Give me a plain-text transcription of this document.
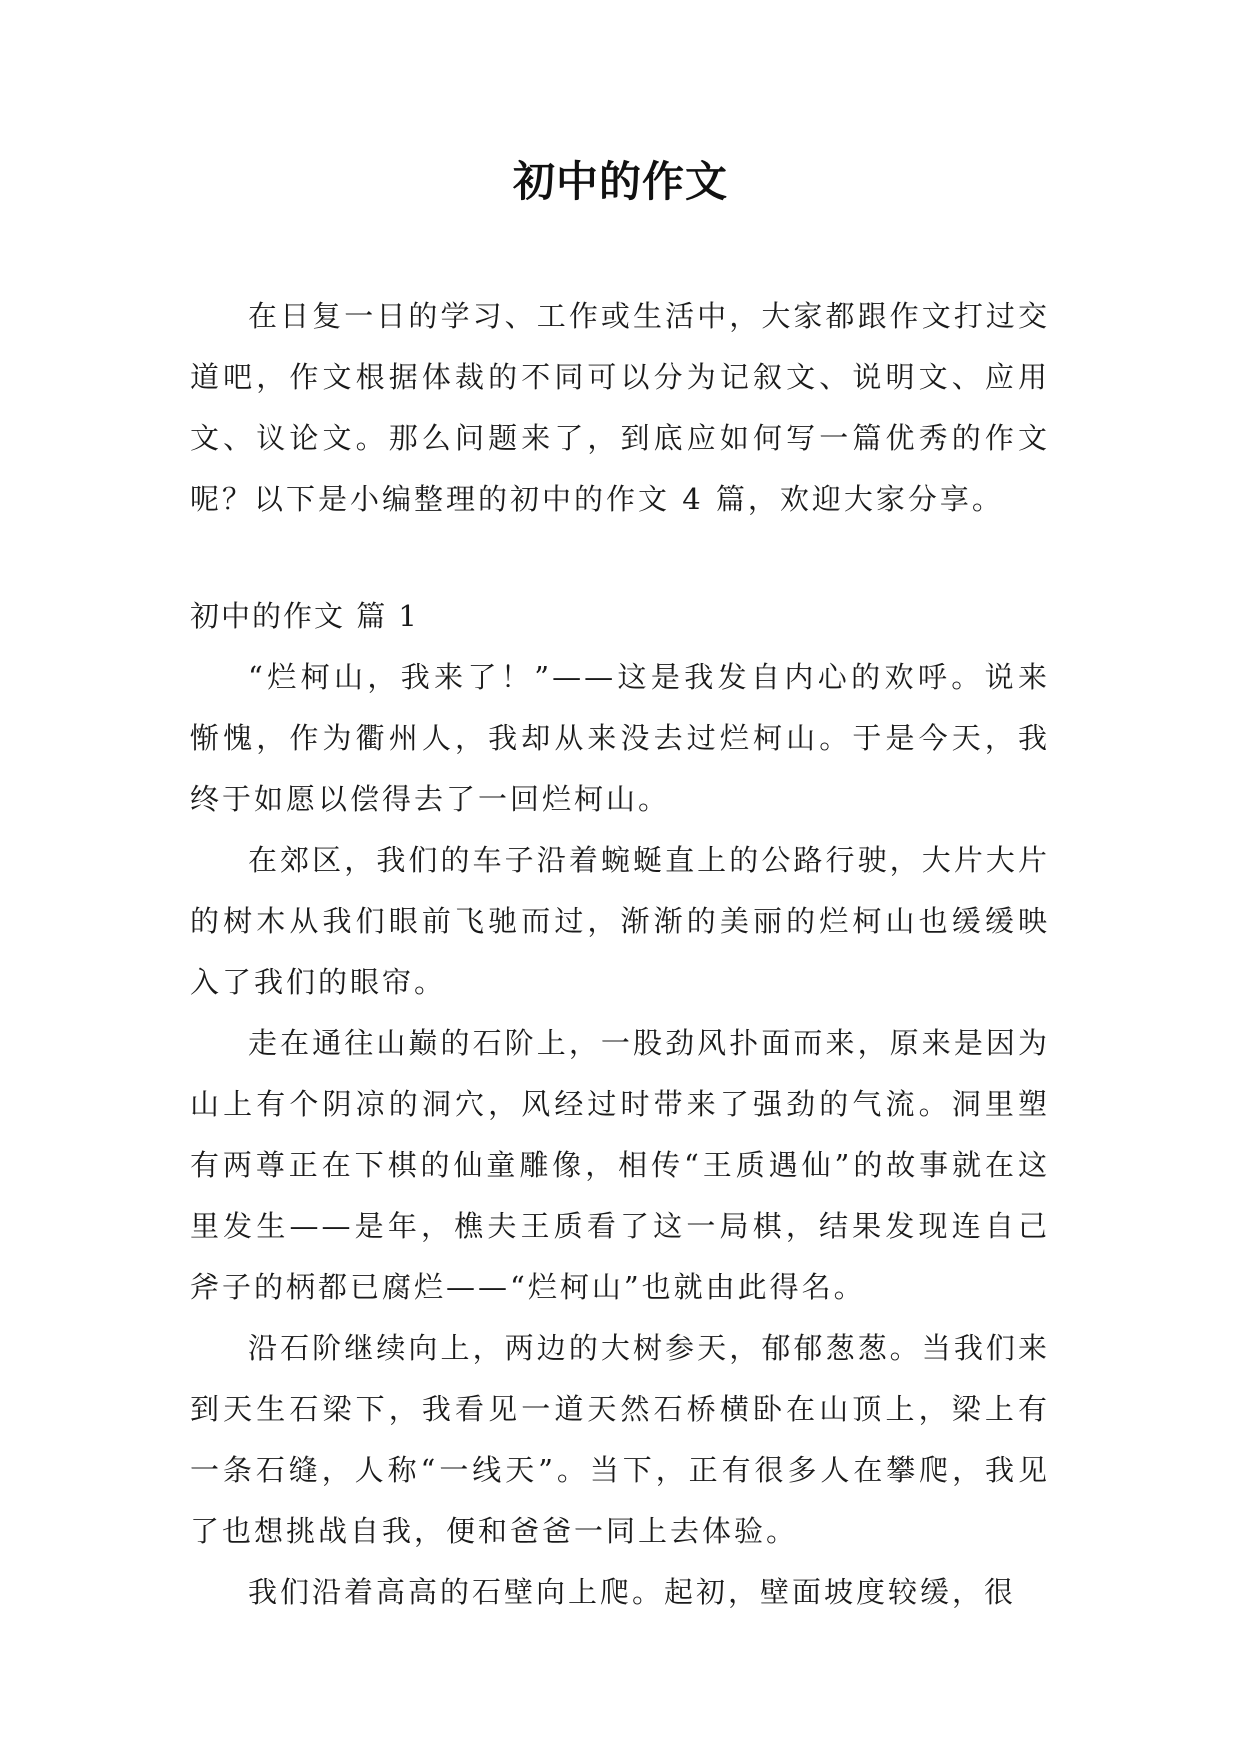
初中的作文

在日复一日的学习、工作或生活中，大家都跟作文打过交道吧，作文根据体裁的不同可以分为记叙文、说明文、应用文、议论文。那么问题来了，到底应如何写一篇优秀的作文呢？以下是小编整理的初中的作文 4 篇，欢迎大家分享。

初中的作文 篇 1

“烂柯山，我来了！”——这是我发自内心的欢呼。说来惭愧，作为衢州人，我却从来没去过烂柯山。于是今天，我终于如愿以偿得去了一回烂柯山。

在郊区，我们的车子沿着蜿蜒直上的公路行驶，大片大片的树木从我们眼前飞驰而过，渐渐的美丽的烂柯山也缓缓映入了我们的眼帘。

走在通往山巅的石阶上，一股劲风扑面而来，原来是因为山上有个阴凉的洞穴，风经过时带来了强劲的气流。洞里塑有两尊正在下棋的仙童雕像，相传“王质遇仙”的故事就在这里发生——是年，樵夫王质看了这一局棋，结果发现连自己斧子的柄都已腐烂——“烂柯山”也就由此得名。

沿石阶继续向上，两边的大树参天，郁郁葱葱。当我们来到天生石梁下，我看见一道天然石桥横卧在山顶上，梁上有一条石缝，人称“一线天”。当下，正有很多人在攀爬，我见了也想挑战自我，便和爸爸一同上去体验。

我们沿着高高的石壁向上爬。起初，壁面坡度较缓，很
